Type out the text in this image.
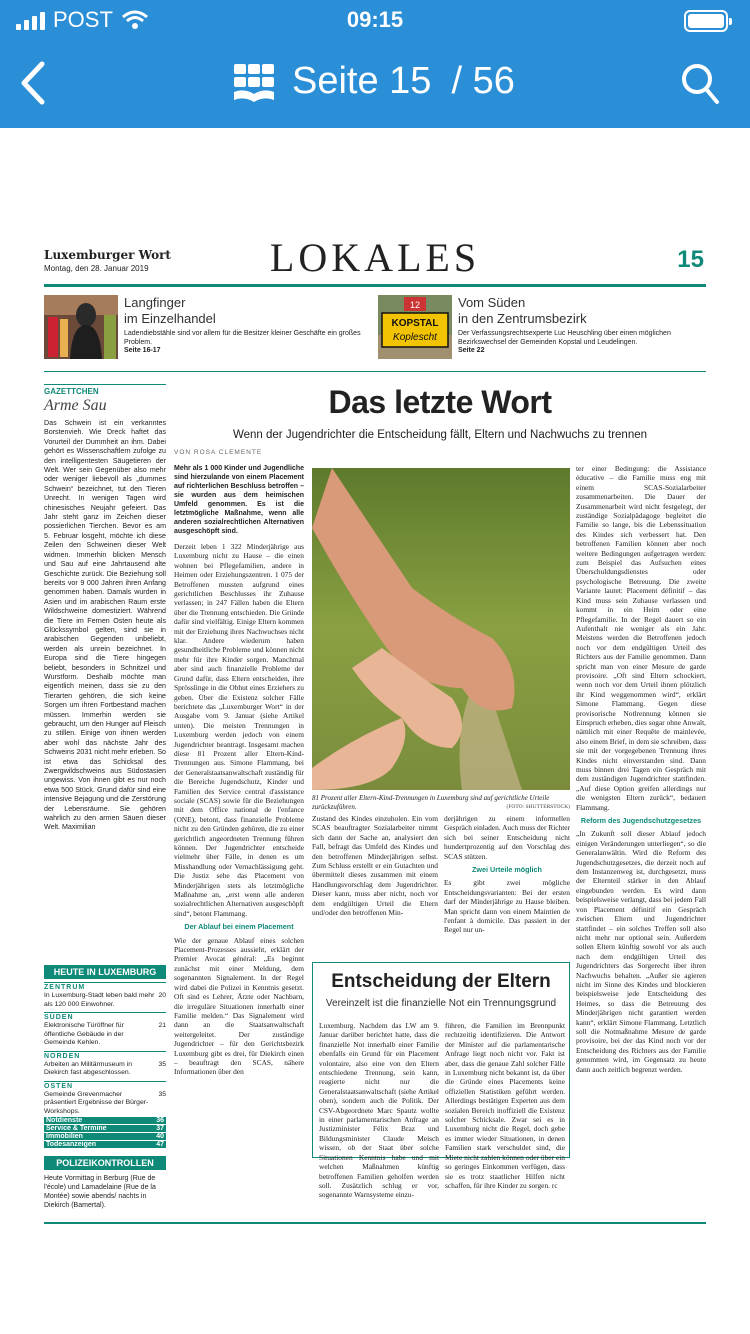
POST	09:15
Seite 15 / 56
Luxemburger Wort
Montag, den 28. Januar 2019	LOKALES	15
Langfinger
im Einzelhandel
Ladendiebstähle sind vor allem für die Besitzer kleiner Geschäfte ein großes Problem.
Seite 16-17
12
KOPSTAL
Koplescht
Vom Süden
in den Zentrumsbezirk
Der Verfassungsrechtsexperte Luc Heuschling über einen möglichen Bezirkswechsel der Gemeinden Kopstal und Leudelingen.
Seite 22
GAZETTCHEN
Arme Sau
Das Schwein ist ein verkanntes Borstenvieh. Wie Dreck haftet das Vorurteil der Dummheit an ihm. Dabei gehört es Wissenschaftlern zufolge zu den intelligentesten Säugetieren der Welt. Wer sein Gegenüber also mehr oder weniger liebevoll als „dummes Schwein“ bezeichnet, tut den Tieren Unrecht. In wenigen Tagen wird chinesisches Neujahr gefeiert. Das Jahr steht ganz im Zeichen dieser possierlichen Tierchen. Bevor es am 5. Februar losgeht, möchte ich diese Zeilen den Schweinen dieser Welt widmen. Immerhin blicken Mensch und Sau auf eine Jahrtausend alte Geschichte zurück. Die Beziehung soll bereits vor 9 000 Jahren ihren Anfang genommen haben. Damals wurden in Asien und im arabischen Raum erste Wildschweine domestiziert. Während die Tiere im Fernen Osten heute als Glückssymbol gelten, sind sie in arabischen Gegenden unbeliebt, werden als unrein bezeichnet. In Europa sind die Tiere hingegen beliebt, besonders in Schnitzel und Wurstform. Deshalb möchte man eigentlich meinen, dass sie zu den Tierarten gehören, die sich keine Sorgen um ihren Fortbestand machen müssen. Immerhin werden sie gebraucht, um den Hunger auf Fleisch zu stillen. Einige von ihnen werden aber wohl das nächste Jahr des Schweins 2031 nicht mehr erleben. So ist etwa das Schicksal des Zwergwildschweins aus Südostasien ungewiss. Von ihnen gibt es nur noch etwa 500 Stück. Grund dafür sind eine intensive Bejagung und die Zerstörung der Lebensräume. Sie gehören wahrlich zu den armen Säuen dieser Welt. Maximilian
HEUTE IN LUXEMBURG
ZENTRUM
In Luxemburg-Stadt leben bald mehr als 120 000 Einwohner.
20
SÜDEN
Elektronische Türöffner für öffentliche Gebäude in der Gemeinde Kehlen.
21
NORDEN
Arbeiten an Militärmuseum in Diekirch fast abgeschlossen.
35
OSTEN
Gemeinde Grevenmacher präsentiert Ergebnisse der Bürger-Workshops.
35
Notdienste	36
Service & Termine	37
Immobilien	40
Todesanzeigen	47
POLIZEIKONTROLLEN
Heute Vormittag in Berburg (Rue de l'école) und Lamadelaine (Rue de la Montée) sowie abends/ nachts in Diekirch (Bamertal).
Das letzte Wort
Wenn der Jugendrichter die Entscheidung fällt, Eltern und Nachwuchs zu trennen
VON ROSA CLEMENTE
Mehr als 1 000 Kinder und Jugendliche sind hierzulande von einem Placement auf richterlichen Beschluss betroffen – sie wurden aus dem heimischen Umfeld genommen. Es ist die letztmögliche Maßnahme, wenn alle anderen sozialrechtlichen Alternativen ausgeschöpft sind.
Derzeit leben 1 322 Minderjährige aus Luxemburg nicht zu Hause – die einen wohnen bei Pflegefamilien, andere in Heimen oder Erziehungszentren. 1 075 der Betroffenen mussten aufgrund eines gerichtlichen Beschlusses ihr Zuhause verlassen; in 247 Fällen haben die Eltern über die Trennung entschieden. Die Gründe dafür sind vielfältig. Einige Eltern kommen mit der Erziehung ihres Nachwuchses nicht klar. Andere wiederum haben gesundheitliche Probleme und können nicht mehr für ihre Kinder sorgen. Manchmal aber sind auch finanzielle Probleme der Grund dafür, dass Eltern entscheiden, ihre Sprösslinge in die Obhut eines Erziehers zu geben. Über die Existenz solcher Fälle berichtete das „Luxemburger Wort“ in der Ausgabe vom 9. Januar (siehe Artikel unten). Die meisten Trennungen in Luxemburg werden jedoch von einem Jugendrichter beantragt. Insgesamt machen diese 81 Prozent aller Eltern-Kind-Trennungen aus. Simone Flammang, bei der Generalstaatsanwaltschaft zuständig für die Bereiche Jugendschutz, Kinder und Familien des Service central d'assistance sociale (SCAS) sowie für die Beziehungen mit dem Office national de l'enfance (ONE), betont, dass finanzielle Probleme nicht zu den Gründen gehören, die zu einer gerichtlich angeordneten Trennung führen können. Der Jugendrichter entscheide vielmehr über Fälle, in denen es um Misshandlung oder Vernachlässigung geht. Die Justiz sehe das Placement von Minderjährigen stets als letztmögliche Maßnahme an, „erst wenn alle anderen sozialrechtlichen Alternativen ausgeschöpft sind“, betont Flammang.
Der Ablauf bei einem Placement
Wie der genaue Ablauf eines solchen Placement-Prozesses aussieht, erklärt der Premier Avocat général: „Es beginnt zunächst mit einer Meldung, dem sogenannten Signalement. In der Regel wird dabei die Polizei in Kenntnis gesetzt. Oft sind es Lehrer, Ärzte oder Nachbarn, die irreguläre Situationen innerhalb einer Familie melden.“ Das Signalement wird dann an die Staatsanwaltschaft weitergeleitet. Der zuständige Jugendrichter – für den Gerichtsbezirk Luxemburg gibt es drei, für Diekirch einen – beauftragt den SCAS, nähere Informationen über den
81 Prozent aller Eltern-Kind-Trennungen in Luxemburg sind auf gerichtliche Urteile zurückzuführen.	(FOTO: SHUTTERSTOCK)
Zustand des Kindes einzuholen. Ein vom SCAS beauftragter Sozialarbeiter nimmt sich dann der Sache an, analysiert den Fall, befragt das Umfeld des Kindes und den betroffenen Minderjährigen selbst. Zum Schluss erstellt er ein Gutachten und übermittelt dieses zusammen mit einem Handlungsvorschlag dem Jugendrichter. Dieser kann, muss aber nicht, noch vor dem endgültigen Urteil die Eltern und/oder den betroffenen Min-
derjährigen zu einem informellen Gespräch einladen. Auch muss der Richter sich bei seiner Entscheidung nicht hundertprozentig auf den Vorschlag des SCAS stützen.
Zwei Urteile möglich
Es gibt zwei mögliche Entscheidungsvarianten: Bei der ersten darf der Minderjährige zu Hause bleiben. Man spricht dann von einem Maintien de l'enfant à domicile. Das passiert in der Regel nur un-
ter einer Bedingung: die Assistance éducative – die Familie muss eng mit einem SCAS-Sozialarbeiter zusammenarbeiten. Die Dauer der Zusammenarbeit wird nicht festgelegt, der zuständige Sozialpädagoge begleitet die Familie so lange, bis die Lebenssituation des Kindes sich verbessert hat. Den betroffenen Familien können aber noch weitere Bedingungen aufgetragen werden: zum Beispiel das Aufsuchen eines Überschuldungsdienstes oder psychologische Betreuung. Die zweite Variante lautet: Placement définitif – das Kind muss sein Zuhause verlassen und kommt in ein Heim oder eine Pflegefamilie. In der Regel dauert so ein Aufenthalt nie weniger als ein Jahr. Meistens werden die Betroffenen jedoch noch vor dem endgültigen Urteil des Richters aus der Familie genommen. Dann spricht man von einer Mesure de garde provisoire. „Oft sind Eltern schockiert, wenn noch vor dem Urteil ihnen plötzlich ihr Kind weggenommen wird“, erklärt Simone Flammang. Gegen diese provisorische Notlrennung können sie Einspruch erheben, dies sogar ohne Anwalt, nämlich mit einer Requête de mainlevée, also einem Brief, in dem sie schreiben, dass sie mit der vorgegebenen Trennung ihres Kindes nicht einverstanden sind. Dann muss binnen drei Tagen ein Gespräch mit dem zuständigen Jugendrichter stattfinden. „Auf diese Option greifen allerdings nur die wenigsten Eltern zurück“, bedauert Flammang.
Reform des Jugendschutzgesetzes
„In Zukunft soll dieser Ablauf jedoch einigen Veränderungen unterliegen“, so die Generalanwältin. Wird die Reform des Jugendschutzgesetzes, die derzeit noch auf dem Instanzenweg ist, durchgesetzt, muss der Elternteil stärker in den Ablauf eingebunden werden. Es wird dann beispielsweise verlangt, dass bei jedem Fall von Placement définitif ein Gespräch zwischen Eltern und Jugendrichter stattfindet – ein solches Treffen soll also nicht mehr nur optional sein. Außerdem sollen Eltern künftig sowohl vor als auch nach dem endgültigen Urteil des Jugendrichters das Sorgerecht über ihren Nachwuchs behalten. „Außer sie agieren nicht im Sinne des Kindes und blockieren beispielsweise jede Entscheidung des Heimes, so dass die Betreuung des Minderjährigen nicht garantiert werden kann“, erklärt Simone Flammang. Letztlich soll die Notmaßnahme Mesure de garde provisoire, bei der das Kind noch vor der Entscheidung des Richters aus der Familie genommen wird, im Gegensatz zu heute dann auch zeitlich begrenzt werden.
Entscheidung der Eltern
Vereinzelt ist die finanzielle Not ein Trennungsgrund
Luxemburg. Nachdem das LW am 9. Januar darüber berichtet hatte, dass die finanzielle Not innerhalb einer Familie ebenfalls ein Grund für ein Placement volontaire, also eine von den Eltern entschiedene Trennung, sein kann, reagierte nicht nur die Generalstaatsanwaltschaft (siehe Artikel oben), sondern auch die Politik. Der CSV-Abgeordnete Marc Spautz wollte in einer parlamentarischen Anfrage an Justizminister Félix Braz und Bildungsminister Claude Meisch wissen, ob der Staat über solche Situationen Kenntnis habe und mit welchen Maßnahmen künftig betroffenen Familien geholfen werden soll. Zusätzlich schlug er vor, sogenannte Warnsysteme einzu-
führen, die Familien im Brennpunkt rechtzeitig identifizieren. Die Antwort der Minister auf die parlamentarische Anfrage liegt noch nicht vor. Fakt ist aber, dass die genaue Zahl solcher Fälle in Luxemburg nicht bekannt ist, da über die Gründe eines Placements keine offiziellen Statistiken geführt werden. Allerdings bestätigen Experten aus dem sozialen Bereich inoffiziell die Existenz solcher Schicksale. Zwar sei es in Luxemburg nicht die Regel, doch gebe es immer wieder Situationen, in denen Familien stark verschuldet sind, die Miete nicht zahlen können oder über ein so geringes Einkommen verfügen, dass sie es trotz staatlicher Hilfen nicht schaffen, für ihre Kinder zu sorgen. rc
